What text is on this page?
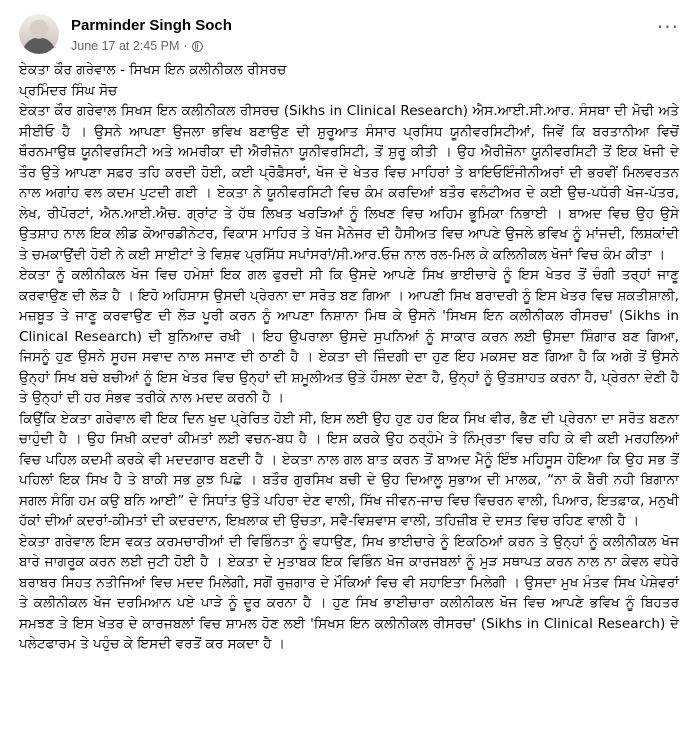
Parminder Singh Soch
June 17 at 2:45 PM ·
···

ਏਕਤਾ ਕੌਰ ਗਰੇਵਾਲ - ਸਿਖਸ ਇਨ ਕਲੀਨੀਕਲ ਰੀਸਰਚ

ਪ੍ਰਮਿੰਦਰ ਸਿੰਘ ਸੋਚ

ਏਕਤਾ ਕੌਰ ਗਰੇਵਾਲ ਸਿਖਸ ਇਨ ਕਲੀਨੀਕਲ ਰੀਸਰਚ (Sikhs in Clinical Research) ਐਸ.ਆਈ.ਸੀ.ਆਰ. ਸੰਸਥਾ ਦੀ ਮੋਢੀ ਅਤੇ ਸੀਈਓ ਹੈ । ਉਸਨੇ ਆਪਣਾ ਉਜਲਾ ਭਵਿਖ ਬਣਾਉਣ ਦੀ ਸ਼ੁਰੂਆਤ ਸੰਸਾਰ ਪ੍ਰਸਿਧ ਯੂਨੀਵਰਸਿਟੀਆਂ, ਜਿਵੇਂ ਕਿ ਬਰਤਾਨੀਆ ਵਿਚੋਂ ਥੌਰਨਮਾਉਥ ਯੂਨੀਵਰਸਿਟੀ ਅਤੇ ਅਮਰੀਕਾ ਦੀ ਐਰੀਜ਼ੋਨਾ ਯੂਨੀਵਰਸਿਟੀ, ਤੋਂ ਸ਼ੁਰੂ ਕੀਤੀ । ਉਹ ਐਰੀਜ਼ੋਨਾ ਯੂਨੀਵਰਸਿਟੀ ਤੋਂ ਇਕ ਖੋਜੀ ਦੇ ਤੌਰ ਉਤੇ ਆਪਣਾ ਸਫ਼ਰ ਤਹਿ ਕਰਦੀ ਹੋਈ, ਕਈ ਪ੍ਰੋਫ਼ੈਸਰਾਂ, ਖੋਜ ਦੇ ਖੇਤਰ ਵਿਚ ਮਾਹਿਰਾਂ ਤੇ ਬਾਇਓਇੰਜੀਨੀਅਰਾਂ ਦੀ ਭਰਵੀਂ ਮਿਲਵਰਤਨ ਨਾਲ ਅਗਾਂਹ ਵਲ ਕਦਮ ਪੁਟਦੀ ਗਈ । ਏਕਤਾ ਨੇ ਯੂਨੀਵਰਸਿਟੀ ਵਿਚ ਕੰਮ ਕਰਦਿਆਂ ਬਤੌਰ ਵਲੰਟੀਅਰ ਦੇ ਕਈ ਉਚ-ਪਧੱਰੀ ਖੋਜ-ਪੱਤਰ, ਲੇਖ, ਰੀਪੋਰਟਾਂ, ਐਨ.ਆਈ.ਐਚ. ਗ੍ਰਾਂਟ ਤੇ ਹੱਥ ਲਿਖਤ ਖਰੜਿਆਂ ਨੂੰ ਲਿਖਣ ਵਿਚ ਅਹਿਮ ਭੂਮਿਕਾ ਨਿਭਾਈ । ਬਾਅਦ ਵਿਚ ਉਹ ਉਸੇ ਉਤਸ਼ਾਹ ਨਾਲ ਇਕ ਲੀਡ ਕੋਆਰਡੀਨੇਟਰ, ਵਿਕਾਸ ਮਾਹਿਰ ਤੇ ਖੋਜ ਮੈਨੇਜਰ ਦੀ ਹੈਸੀਅਤ ਵਿਚ ਆਪਣੇ ਉਜਲੇ ਭਵਿਖ ਨੂੰ ਮਾਂਜਦੀ, ਲਿਸ਼ਕਾਂਦੀ ਤੇ ਚਮਕਾਉਂਦੀ ਹੋਈ ਨੇ ਕਈ ਸਾਈਟਾਂ ਤੇ ਵਿਸ਼ਵ ਪ੍ਰਸਿੱਧ ਸਪਾਂਸਰਾਂ/ਸੀ.ਆਰ.ਓਜ਼ ਨਾਲ ਰਲ-ਮਿਲ ਕੇ ਕਲਿਨੀਕਲ ਖੋਜਾਂ ਵਿਚ ਕੰਮ ਕੀਤਾ ।

ਏਕਤਾ ਨੂੰ ਕਲੀਨੀਕਲ ਖੋਜ ਵਿਚ ਹਮੇਸ਼ਾਂ ਇਕ ਗਲ ਫੁਰਦੀ ਸੀ ਕਿ ਉਸਦੇ ਆਪਣੇ ਸਿਖ ਭਾਈਚਾਰੇ ਨੂੰ ਇਸ ਖੇਤਰ ਤੋਂ ਚੰਗੀ ਤਰ੍ਹਾਂ ਜਾਣੂ ਕਰਵਾਉਣ ਦੀ ਲੋੜ ਹੈ । ਇਹੋ ਅਹਿਸਾਸ ਉਸਦੀ ਪ੍ਰੇਰਨਾ ਦਾ ਸਰੋਤ ਬਣ ਗਿਆ । ਆਪਣੀ ਸਿਖ ਬਰਾਦਰੀ ਨੂੰ ਇਸ ਖੇਤਰ ਵਿਚ ਸ਼ਕਤੀਸ਼ਾਲੀ, ਮਜ਼ਬੂਤ ਤੇ ਜਾਣੂ ਕਰਵਾਉਣ ਦੀ ਲੋੜ ਪੂਰੀ ਕਰਨ ਨੂੰ ਆਪਣਾ ਨਿਸ਼ਾਨਾ ਮਿਥ ਕੇ ਉਸਨੇ 'ਸਿਖਸ ਇਨ ਕਲੀਨੀਕਲ ਰੀਸਰਚ' (Sikhs in Clinical Research) ਦੀ ਬੁਨਿਆਦ ਰਖੀ । ਇਹ ਉਪਰਾਲਾ ਉਸਦੇ ਸੁਪਨਿਆਂ ਨੂੰ ਸਾਕਾਰ ਕਰਨ ਲਈ ਉਸਦਾ ਸ਼ਿੰਗਾਰ ਬਣ ਗਿਆ, ਜਿਸਨੂੰ ਹੁਣ ਉਸਨੇ ਸੂਹਜ ਸਵਾਦ ਨਾਲ ਸਜਾਣ ਦੀ ਠਾਣੀ ਹੈ । ਏਕਤਾ ਦੀ ਜ਼ਿੰਦਗੀ ਦਾ ਹੁਣ ਇਹ ਮਕਸਦ ਬਣ ਗਿਆ ਹੈ ਕਿ ਅਗੇ ਤੋਂ ਉਸਨੇ ਉਨ੍ਹਾਂ ਸਿਖ ਬਚੇ ਬਚੀਆਂ ਨੂੰ ਇਸ ਖੇਤਰ ਵਿਚ ਉਨ੍ਹਾਂ ਦੀ ਸ਼ਮੂਲੀਅਤ ਉਤੇ ਹੌਸਲਾ ਦੇਣਾ ਹੈ, ਉਨ੍ਹਾਂ ਨੂੰ ਉਤਸ਼ਾਹਤ ਕਰਨਾ ਹੈ, ਪ੍ਰੇਰਨਾ ਦੇਣੀ ਹੈ ਤੇ ਉਨ੍ਹਾਂ ਦੀ ਹਰ ਸੰਭਵ ਤਰੀਕੇ ਨਾਲ ਮਦਦ ਕਰਨੀ ਹੈ ।

ਕਿਉਂਕਿ ਏਕਤਾ ਗਰੇਵਾਲ ਵੀ ਇਕ ਦਿਨ ਖੁਦ ਪ੍ਰੇਰਿਤ ਹੋਈ ਸੀ, ਇਸ ਲਈ ਉਹ ਹੁਣ ਹਰ ਇਕ ਸਿਖ ਵੀਰ, ਭੈਣ ਦੀ ਪ੍ਰੇਰਨਾ ਦਾ ਸਰੋਤ ਬਣਨਾ ਚਾਹੁੰਦੀ ਹੈ । ਉਹ ਸਿਖੀ ਕਦਰਾਂ ਕੀਮਤਾਂ ਲਈ ਵਚਨ-ਬਧ ਹੈ । ਇਸ ਕਰਕੇ ਉਹ ਠਰ੍ਹੰਮੇ ਤੇ ਨਿੰਮ੍ਰਤਾ ਵਿਚ ਰਹਿ ਕੇ ਵੀ ਕਈ ਮਰਹਲਿਆਂ ਵਿਚ ਪਹਿਲ ਕਦਮੀ ਕਰਕੇ ਵੀ ਮਦਦਗਾਰ ਬਣਦੀ ਹੈ । ਏਕਤਾ ਨਾਲ ਗਲ ਬਾਤ ਕਰਨ ਤੋਂ ਬਾਅਦ ਮੈਨੂੰ ਇੰਝ ਮਹਿਸੂਸ ਹੋਇਆ ਕਿ ਉਹ ਸਭ ਤੋਂ ਪਹਿਲਾਂ ਇਕ ਸਿਖ ਹੈ ਤੇ ਬਾਕੀ ਸਭ ਕੁਝ ਪਿਛੇ । ਬਤੌਰ ਗੁਰਸਿਖ ਬਚੀ ਦੇ ਉਹ ਦਿਆਲੂ ਸੁਭਾਅ ਦੀ ਮਾਲਕ, “ਨਾ ਕੋ ਬੈਰੀ ਨਹੀ ਬਿਗਾਨਾ ਸਗਲ ਸੰਗਿ ਹਮ ਕਉ ਬਨਿ ਆਈ” ਦੇ ਸਿਧਾਂਤ ਉਤੇ ਪਹਿਰਾ ਦੇਣ ਵਾਲੀ, ਸਿੱਖ ਜੀਵਨ-ਜਾਚ ਵਿਚ ਵਿਚਰਨ ਵਾਲੀ, ਪਿਆਰ, ਇਤਫ਼ਾਕ, ਮਨੁਖੀ ਹੱਕਾਂ ਦੀਆਂ ਕਦਰਾਂ-ਕੀਮਤਾਂ ਦੀ ਕਦਰਦਾਨ, ਇਖ਼ਲਾਕ ਦੀ ਉਚਤਾ, ਸਵੈ-ਵਿਸ਼ਵਾਸ ਵਾਲੀ, ਤਹਿਜ਼ੀਬ ਦੇ ਦਸਤ ਵਿਚ ਰਹਿਣ ਵਾਲੀ ਹੈ ।

ਏਕਤਾ ਗਰੇਵਾਲ ਇਸ ਵਕਤ ਕਰਮਚਾਰੀਆਂ ਦੀ ਵਿਭਿੰਨਤਾ ਨੂੰ ਵਧਾਉਣ, ਸਿਖ ਭਾਈਚਾਰੇ ਨੂੰ ਇਕਠਿਆਂ ਕਰਨ ਤੇ ਉਨ੍ਹਾਂ ਨੂੰ ਕਲੀਨੀਕਲ ਖੋਜ ਬਾਰੇ ਜਾਗਰੂਕ ਕਰਨ ਲਈ ਜੁਟੀ ਹੋਈ ਹੈ । ਏਕਤਾ ਦੇ ਮੁਤਾਬਕ ਇਕ ਵਿਭਿੰਨ ਖੋਜ ਕਾਰਜਬਲਾਂ ਨੂੰ ਮੁੜ ਸਥਾਪਤ ਕਰਨ ਨਾਲ ਨਾ ਕੇਵਲ ਵਧੇਰੇ ਬਰਾਬਰ ਸਿਹਤ ਨਤੀਜਿਆਂ ਵਿਚ ਮਦਦ ਮਿਲੇਗੀ, ਸਗੋਂ ਰੁਜ਼ਗਾਰ ਦੇ ਮੌਕਿਆਂ ਵਿਚ ਵੀ ਸਹਾਇਤਾ ਮਿਲੇਗੀ । ਉਸਦਾ ਮੁਖ ਮੰਤਵ ਸਿਖ ਪੇਸ਼ੇਵਰਾਂ ਤੇ ਕਲੀਨੀਕਲ ਖੋਜ ਦਰਮਿਆਨ ਪਏ ਪਾੜੇ ਨੂੰ ਦੂਰ ਕਰਨਾ ਹੈ । ਹੁਣ ਸਿਖ ਭਾਈਚਾਰਾ ਕਲੀਨੀਕਲ ਖੋਜ ਵਿਚ ਆਪਣੇ ਭਵਿਖ ਨੂੰ ਬਿਹਤਰ ਸਮਝਣ ਤੇ ਇਸ ਖੇਤਰ ਦੇ ਕਾਰਜਬਲਾਂ ਵਿਚ ਸ਼ਾਮਲ ਹੋਣ ਲਈ 'ਸਿਖਸ ਇਨ ਕਲੀਨੀਕਲ ਰੀਸਰਚ' (Sikhs in Clinical Research) ਦੇ ਪਲੇਟਫਾਰਮ ਤੇ ਪਹੁੰਚ ਕੇ ਇਸਦੀ ਵਰਤੋਂ ਕਰ ਸਕਦਾ ਹੈ ।
